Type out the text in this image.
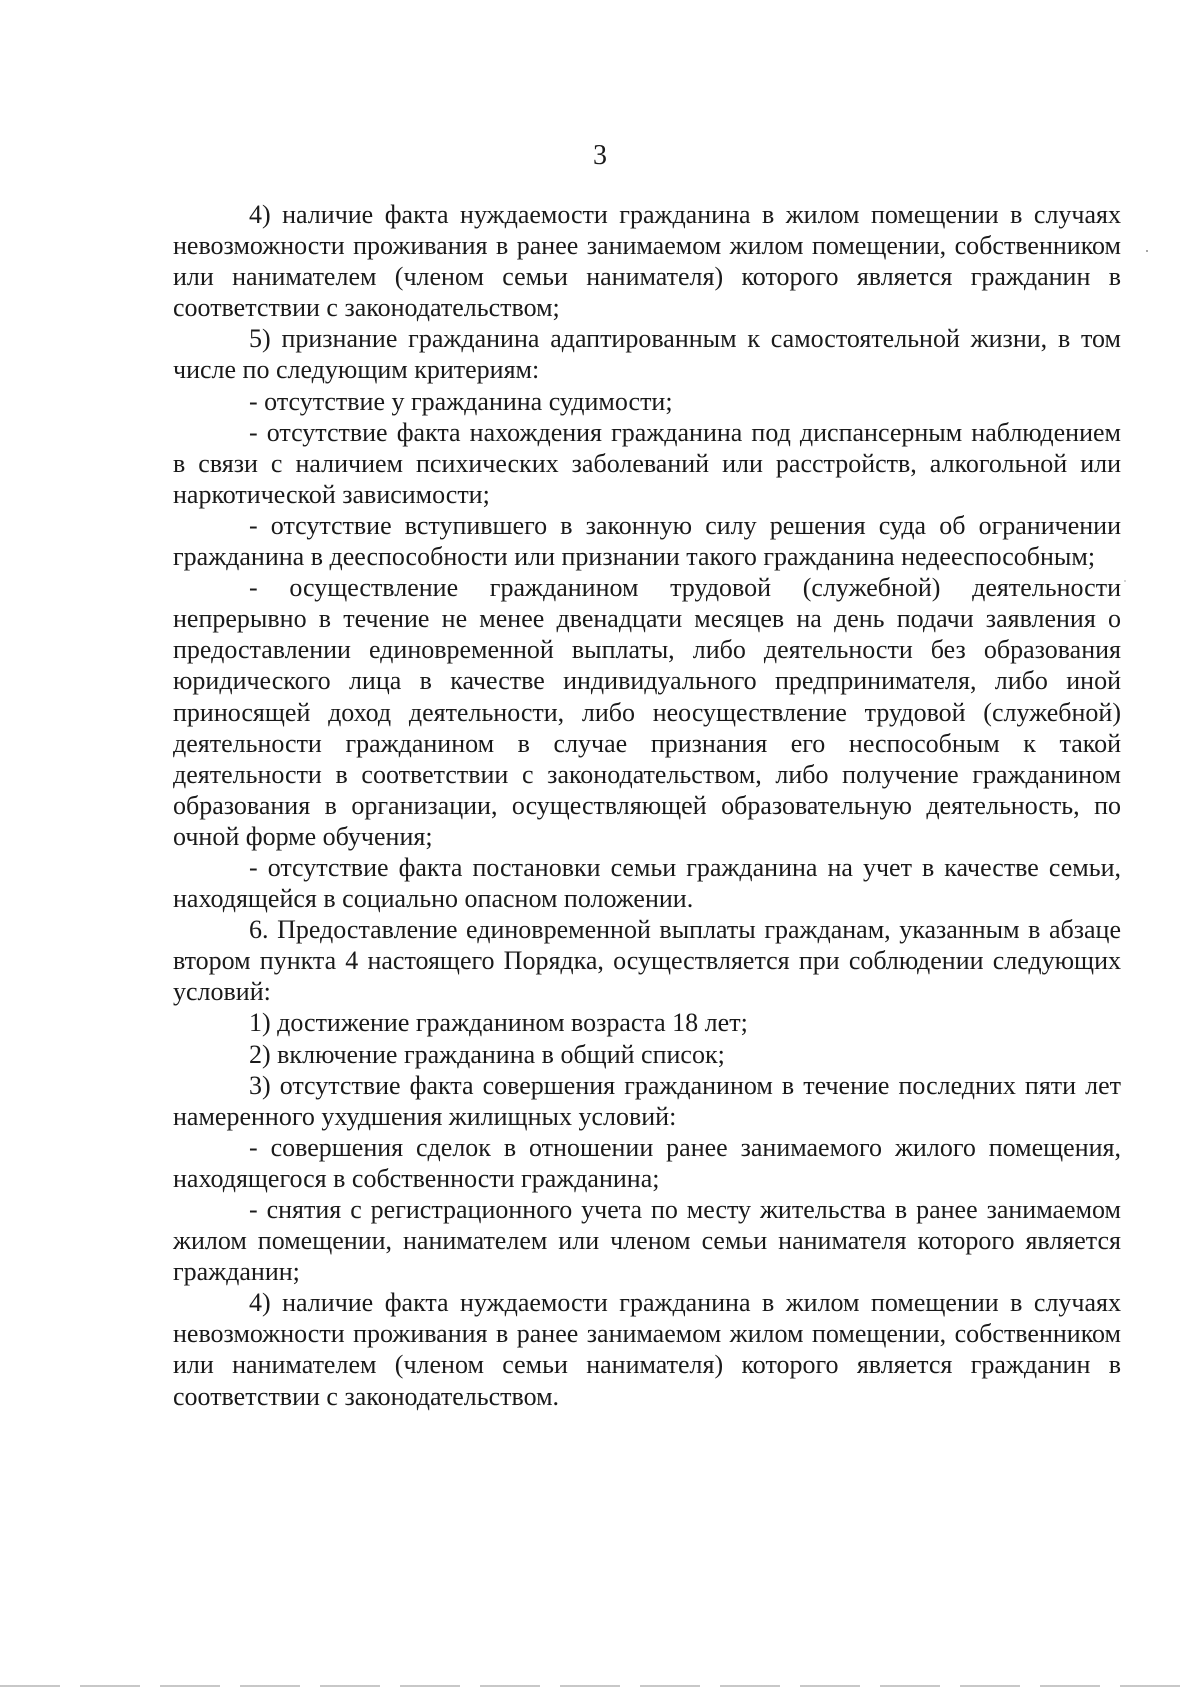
3

4) наличие факта нуждаемости гражданина в жилом помещении в случаях невозможности проживания в ранее занимаемом жилом помещении, собственником или нанимателем (членом семьи нанимателя) которого является гражданин в соответствии с законодательством;

5) признание гражданина адаптированным к самостоятельной жизни, в том числе по следующим критериям:

- отсутствие у гражданина судимости;

- отсутствие факта нахождения гражданина под диспансерным наблюдением в связи с наличием психических заболеваний или расстройств, алкогольной или наркотической зависимости;

- отсутствие вступившего в законную силу решения суда об ограничении гражданина в дееспособности или признании такого гражданина недееспособным;

- осуществление гражданином трудовой (служебной) деятельности непрерывно в течение не менее двенадцати месяцев на день подачи заявления о предоставлении единовременной выплаты, либо деятельности без образования юридического лица в качестве индивидуального предпринимателя, либо иной приносящей доход деятельности, либо неосуществление трудовой (служебной) деятельности гражданином в случае признания его неспособным к такой деятельности в соответствии с законодательством, либо получение гражданином образования в организации, осуществляющей образовательную деятельность, по очной форме обучения;

- отсутствие факта постановки семьи гражданина на учет в качестве семьи, находящейся в социально опасном положении.

6. Предоставление единовременной выплаты гражданам, указанным в абзаце втором пункта 4 настоящего Порядка, осуществляется при соблюдении следующих условий:

1) достижение гражданином возраста 18 лет;

2) включение гражданина в общий список;

3) отсутствие факта совершения гражданином в течение последних пяти лет намеренного ухудшения жилищных условий:

- совершения сделок в отношении ранее занимаемого жилого помещения, находящегося в собственности гражданина;

- снятия с регистрационного учета по месту жительства в ранее занимаемом жилом помещении, нанимателем или членом семьи нанимателя которого является гражданин;

4) наличие факта нуждаемости гражданина в жилом помещении в случаях невозможности проживания в ранее занимаемом жилом помещении, собственником или нанимателем (членом семьи нанимателя) которого является гражданин в соответствии с законодательством.
